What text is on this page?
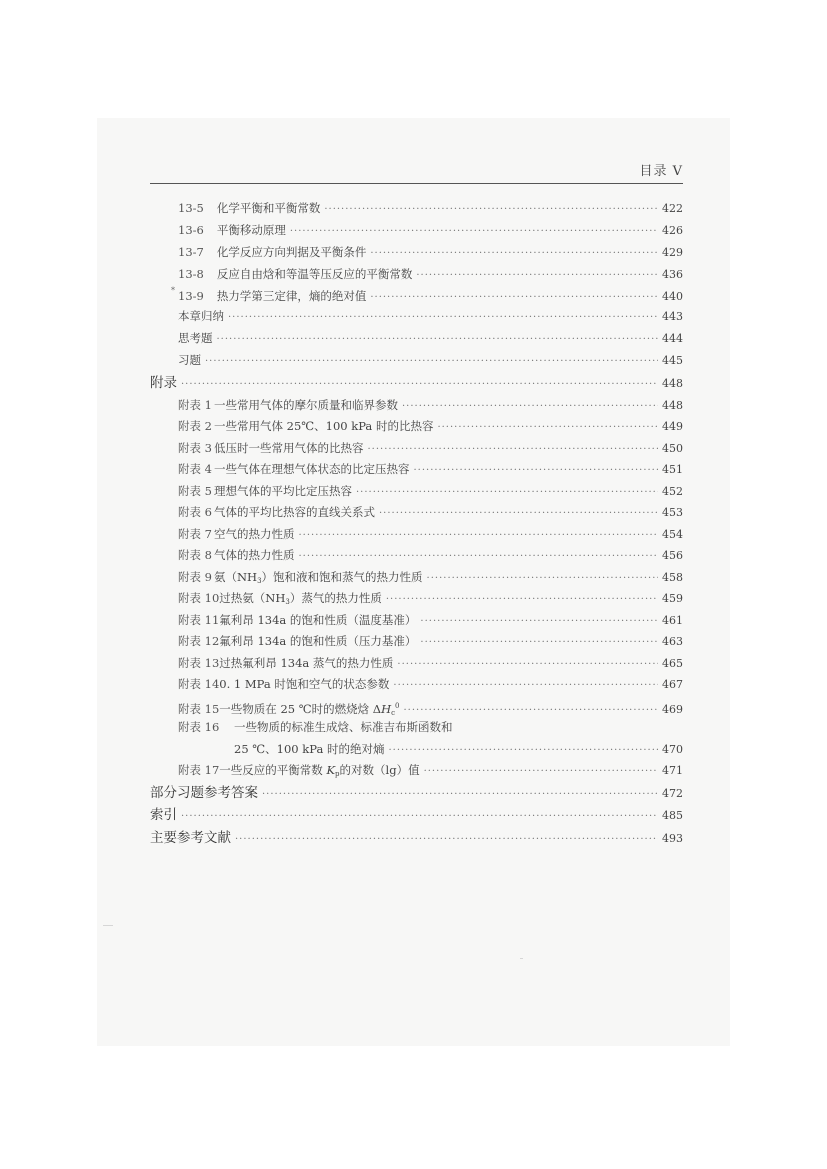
目录 V
*
13-5 化学平衡和平衡常数 ·····	422
13-6 平衡移动原理 ·····	426
13-7 化学反应方向判据及平衡条件 ·····	429
13-8 反应自由焓和等温等压反应的平衡常数 ·····	436
13-9 热力学第三定律，熵的绝对值 ·····	440
本章归纳 ·····	443
思考题 ·····	444
习题 ·····	445
附录 ·····	448
附表 1 一些常用气体的摩尔质量和临界参数 ·····	448
附表 2 一些常用气体 25℃、100 kPa 时的比热容 ·····	449
附表 3 低压时一些常用气体的比热容 ·····	450
附表 4 一些气体在理想气体状态的比定压热容 ·····	451
附表 5 理想气体的平均比定压热容 ·····	452
附表 6 气体的平均比热容的直线关系式 ·····	453
附表 7 空气的热力性质 ·····	454
附表 8 气体的热力性质 ·····	456
附表 9 氨$(NH_3)$饱和液和饱和蒸气的热力性质 ·····	458
附表 10 过热氨$(NH_3)$蒸气的热力性质 ·····	459
附表 11 氟利昂 134a 的饱和性质（温度基准） ·····	461
附表 12 氟利昂 134a 的饱和性质（压力基准） ·····	463
附表 13 过热氟利昂 134a 蒸气的热力性质 ·····	465
附表 14 0. 1 MPa 时饱和空气的状态参数 ·····	467
附表 15 一些物质在 25 ℃时的燃烧焓 $\Delta H_c^0$ ·····	469
附表 16	一些物质的标准生成焓、标准吉布斯函数和
25 ℃、100 kPa 时的绝对熵 ·····	470
附表 17 一些反应的平衡常数 $K_p$的对数（lg）值 ·····	471
部分习题参考答案 ·····	472
索引 ·····	485
主要参考文献 ·····	493
